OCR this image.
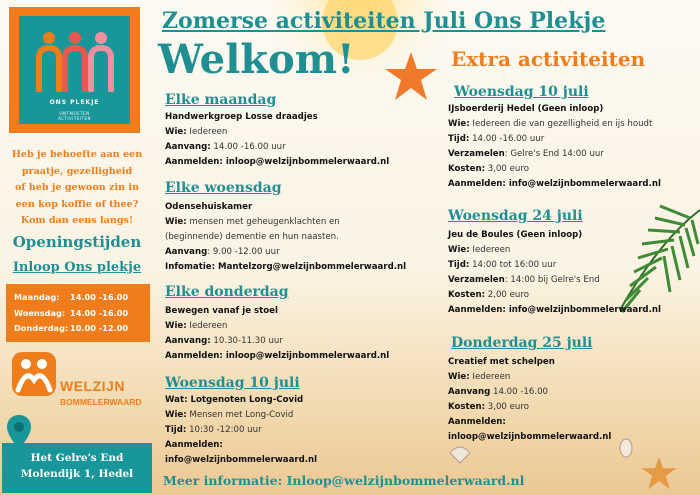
ONS PLEKJE
ONTMOETEN
ACTIVITEITEN
Heb je behoefte aan een
praatje, gezelligheid
of heb je gewoon zin in
een kop koffie of thee?
Kom dan eens langs!
Openingstijden
Inloop Ons plekje
Maandag: 14.00 -16.00
Woensdag: 14.00 -16.00
Donderdag: 10.00 -12.00
WELZIJN
BOMMELERWAARD
Het Gelre's End
Molendijk 1, Hedel
Zomerse activiteiten Juli Ons Plekje
Welkom!	Extra activiteiten
Elke maandag
Handwerkgroep Losse draadjes
Wie: Iedereen
Aanvang: 14.00 -16.00 uur
Aanmelden: inloop@welzijnbommelerwaard.nl
Elke woensdag
Odensehuiskamer
Wie: mensen met geheugenklachten en
(beginnende) dementie en hun naasten.
Aanvang: 9.00 -12.00 uur
Infomatie: Mantelzorg@welzijnbommelerwaard.nl
Elke donderdag
Bewegen vanaf je stoel
Wie: Iedereen
Aanvang: 10.30-11.30 uur
Aanmelden: inloop@welzijnbommelerwaard.nl
Woensdag 10 juli
Wat: Lotgenoten Long-Covid
Wie: Mensen met Long-Covid
Tijd: 10:30 -12:00 uur
Aanmelden:
info@welzijnbommelerwaard.nl
Woensdag 10 juli
IJsboerderij Hedel (Geen inloop)
Wie: Iedereen die van gezelligheid en ijs houdt
Tijd: 14.00 -16.00 uur
Verzamelen: Gelre's End 14:00 uur
Kosten: 3,00 euro
Aanmelden: info@welzijnbommelerwaard.nl
Woensdag 24 juli
Jeu de Boules (Geen inloop)
Wie: Iedereen
Tijd: 14:00 tot 16:00 uur
Verzamelen: 14:00 bij Gelre's End
Kosten: 2,00 euro
Aanmelden: info@welzijnbommelerwaard.nl
Donderdag 25 juli
Creatief met schelpen
Wie: Iedereen
Aanvang 14.00 -16.00
Kosten: 3,00 euro
Aanmelden:
inloop@welzijnbommelerwaard.nl
Meer informatie: Inloop@welzijnbommelerwaard.nl
